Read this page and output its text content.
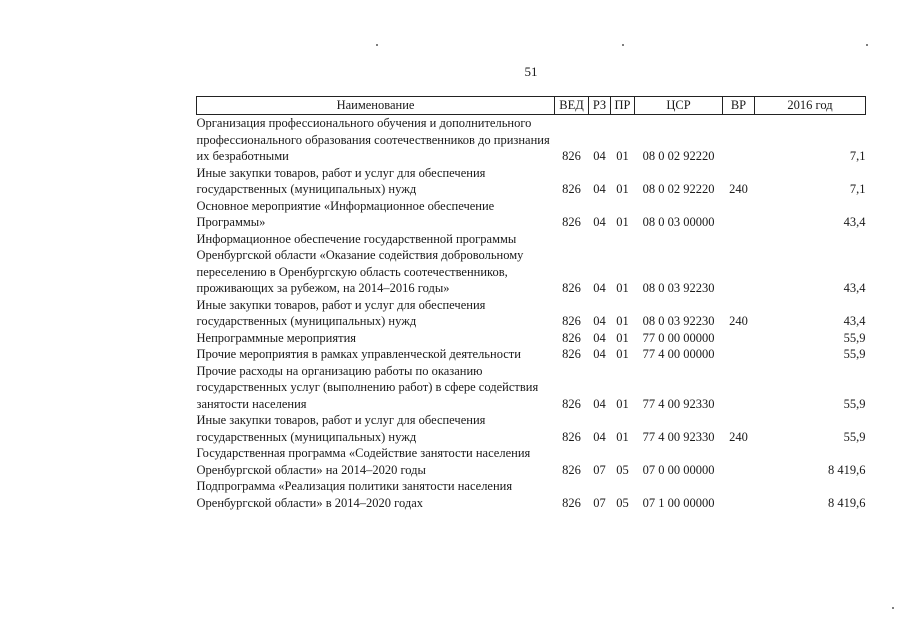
51
Наименование	ВЕД	РЗ	ПР	ЦСР	ВР	2016 год
Организация профессионального обучения и дополнительного профессионального образования соотечественников до признания их безработными	826	04	01	08 0 02 92220		7,1
Иные закупки товаров, работ и услуг для обеспечения государственных (муниципальных) нужд	826	04	01	08 0 02 92220	240	7,1
Основное мероприятие «Информационное обеспечение Программы»	826	04	01	08 0 03 00000		43,4
Информационное обеспечение государственной программы Оренбургской области «Оказание содействия добровольному переселению в Оренбургскую область соотечественников, проживающих за рубежом, на 2014–2016 годы»	826	04	01	08 0 03 92230		43,4
Иные закупки товаров, работ и услуг для обеспечения государственных (муниципальных) нужд	826	04	01	08 0 03 92230	240	43,4
Непрограммные мероприятия	826	04	01	77 0 00 00000		55,9
Прочие мероприятия в рамках управленческой деятельности	826	04	01	77 4 00 00000		55,9
Прочие расходы на организацию работы по оказанию государственных услуг (выполнению работ) в сфере содействия занятости населения	826	04	01	77 4 00 92330		55,9
Иные закупки товаров, работ и услуг для обеспечения государственных (муниципальных) нужд	826	04	01	77 4 00 92330	240	55,9
Государственная программа «Содействие занятости населения Оренбургской области» на 2014–2020 годы	826	07	05	07 0 00 00000		8 419,6
Подпрограмма «Реализация политики занятости населения Оренбургской области» в 2014–2020 годах	826	07	05	07 1 00 00000		8 419,6
